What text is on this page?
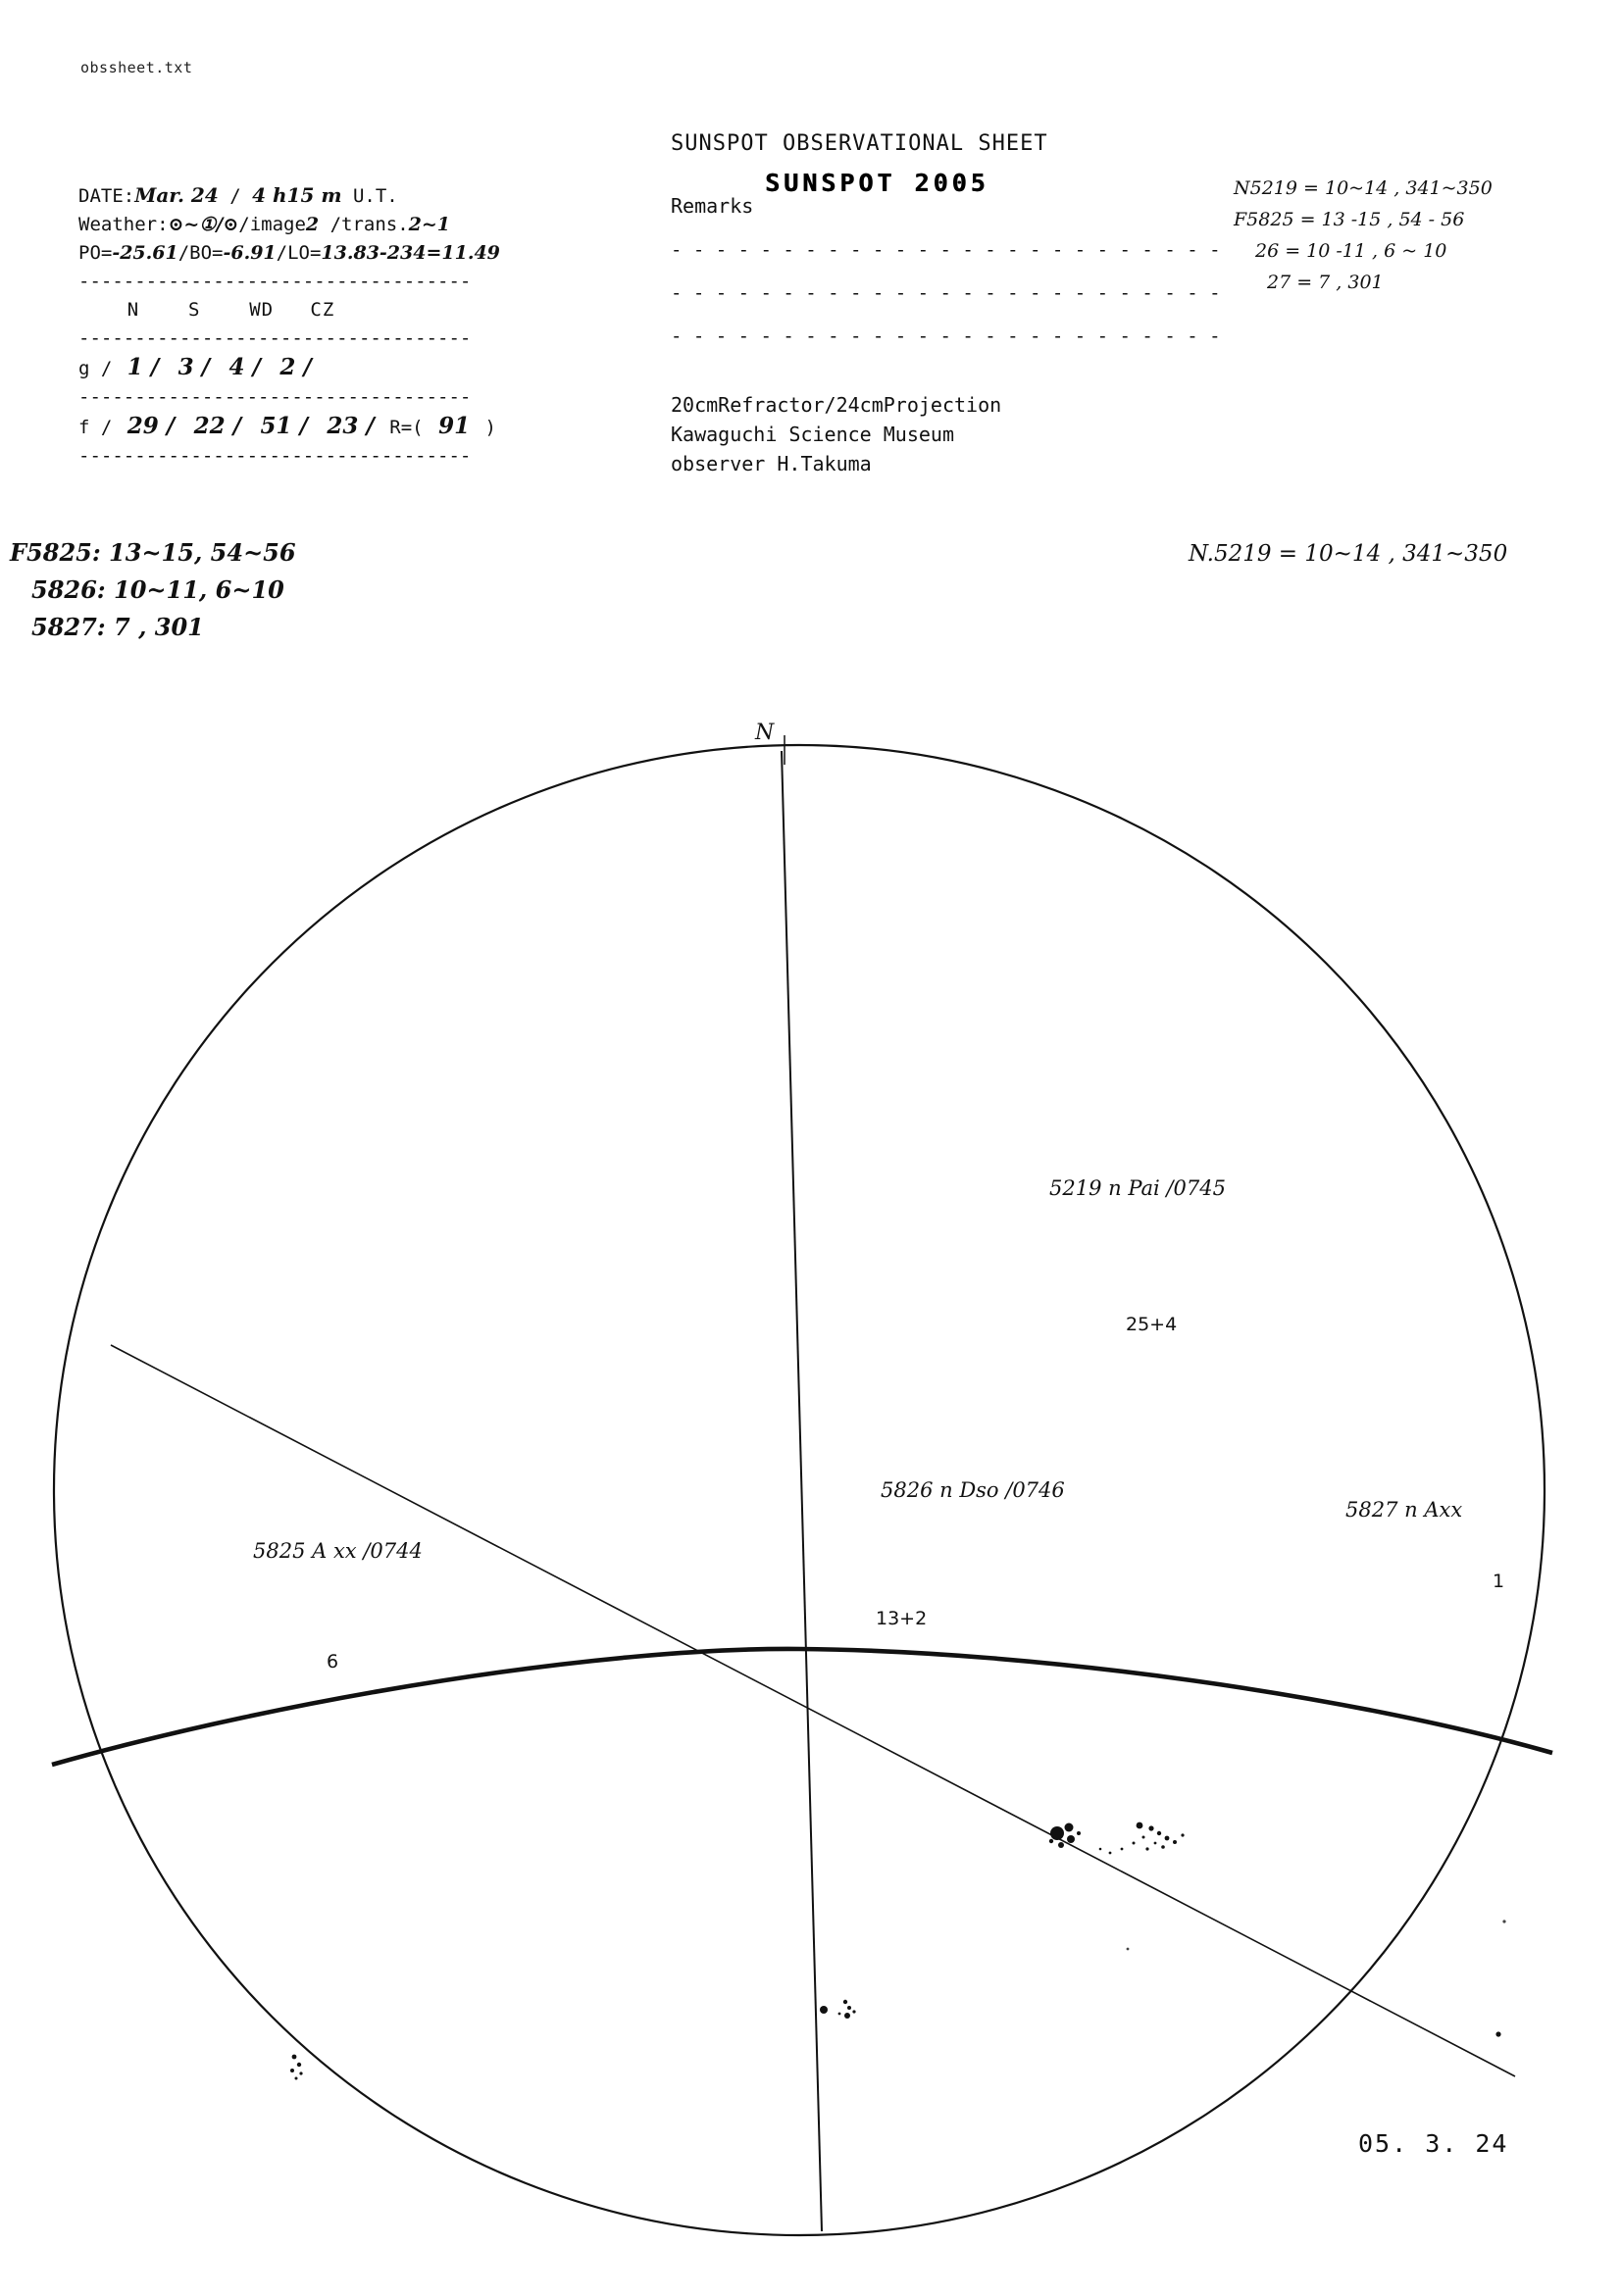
obssheet.txt
SUNSPOT OBSERVATIONAL SHEET
SUNSPOT 2005
DATE:Mar. 24 / 4 h15 m U.T.
Weather:⊙~①/⊙/image2 /trans.2~1
PO=-25.61/BO=-6.91/LO=13.83-234=11.49
-----------------------------------
N	S	WD CZ
-----------------------------------
g / 1 / 3 / 4 / 2 /
-----------------------------------
f / 29 / 22 / 51 / 23 / R=( 91 )
-----------------------------------
Remarks
- - - - - - - - - - - - - - - - - - - - - - - - -
- - - - - - - - - - - - - - - - - - - - - - - - -
- - - - - - - - - - - - - - - - - - - - - - - - -
20cmRefractor/24cmProjection
Kawaguchi Science Museum
observer H.Takuma
N5219 = 10~14 , 341~350
F5825 = 13 -15 , 54 - 56
26 = 10 -11 , 6 ~ 10
27 = 7 , 301
F5825: 13~15, 54~56
5826: 10~11, 6~10
5827: 7 , 301
N.5219 = 10~14 , 341~350
N
5219 n Pai /0745
25+4
5826 n Dso /0746
13+2
5827 n Axx
1
5825 A xx /0744
6
05. 3. 24
